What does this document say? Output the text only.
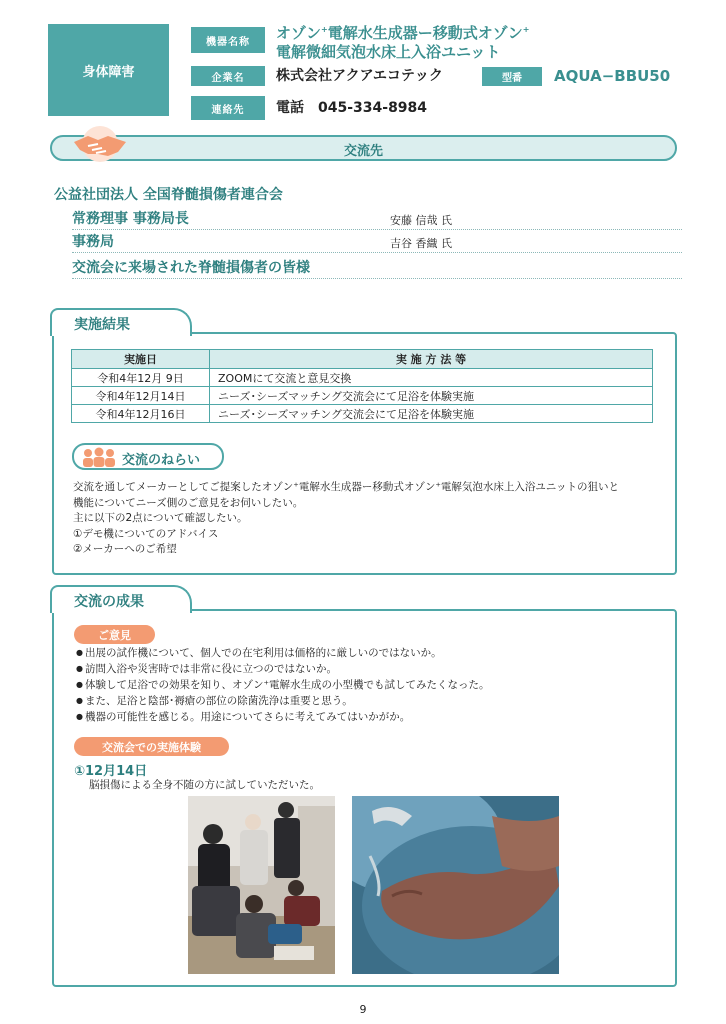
身体障害
機器名称	オゾン+電解水生成器ー移動式オゾン+
電解微細気泡水床上入浴ユニット
企業名	株式会社アクアエコテック	型番	AQUA−BBU50
連絡先	電話　045-334-8984
交流先
公益社団法人 全国脊髄損傷者連合会
常務理事 事務局長	安藤 信哉 氏
事務局	吉谷 香織 氏
交流会に来場された脊髄損傷者の皆様
実施結果
実施日	実 施 方 法 等
令和4年12月 9日	ZOOMにて交流と意見交換
令和4年12月14日	ニーズ･シーズマッチング交流会にて足浴を体験実施
令和4年12月16日	ニーズ･シーズマッチング交流会にて足浴を体験実施
交流のねらい
交流を通してメーカーとしてご提案したオゾン⁺電解水生成器ー移動式オゾン⁺電解気泡水床上入浴ユニットの狙いと
機能についてニーズ側のご意見をお伺いしたい。
主に以下の2点について確認したい。
①デモ機についてのアドバイス
②メーカーへのご希望
交流の成果
ご意見
● 出展の試作機について、個人での在宅利用は価格的に厳しいのではないか。
● 訪問入浴や災害時では非常に役に立つのではないか。
● 体験して足浴での効果を知り、オゾン⁺電解水生成の小型機でも試してみたくなった。
● また、足浴と陰部･褥瘡の部位の除菌洗浄は重要と思う。
● 機器の可能性を感じる。用途についてさらに考えてみてはいかがか。
交流会での実施体験
①12月14日
脳損傷による全身不随の方に試していただいた。
9
